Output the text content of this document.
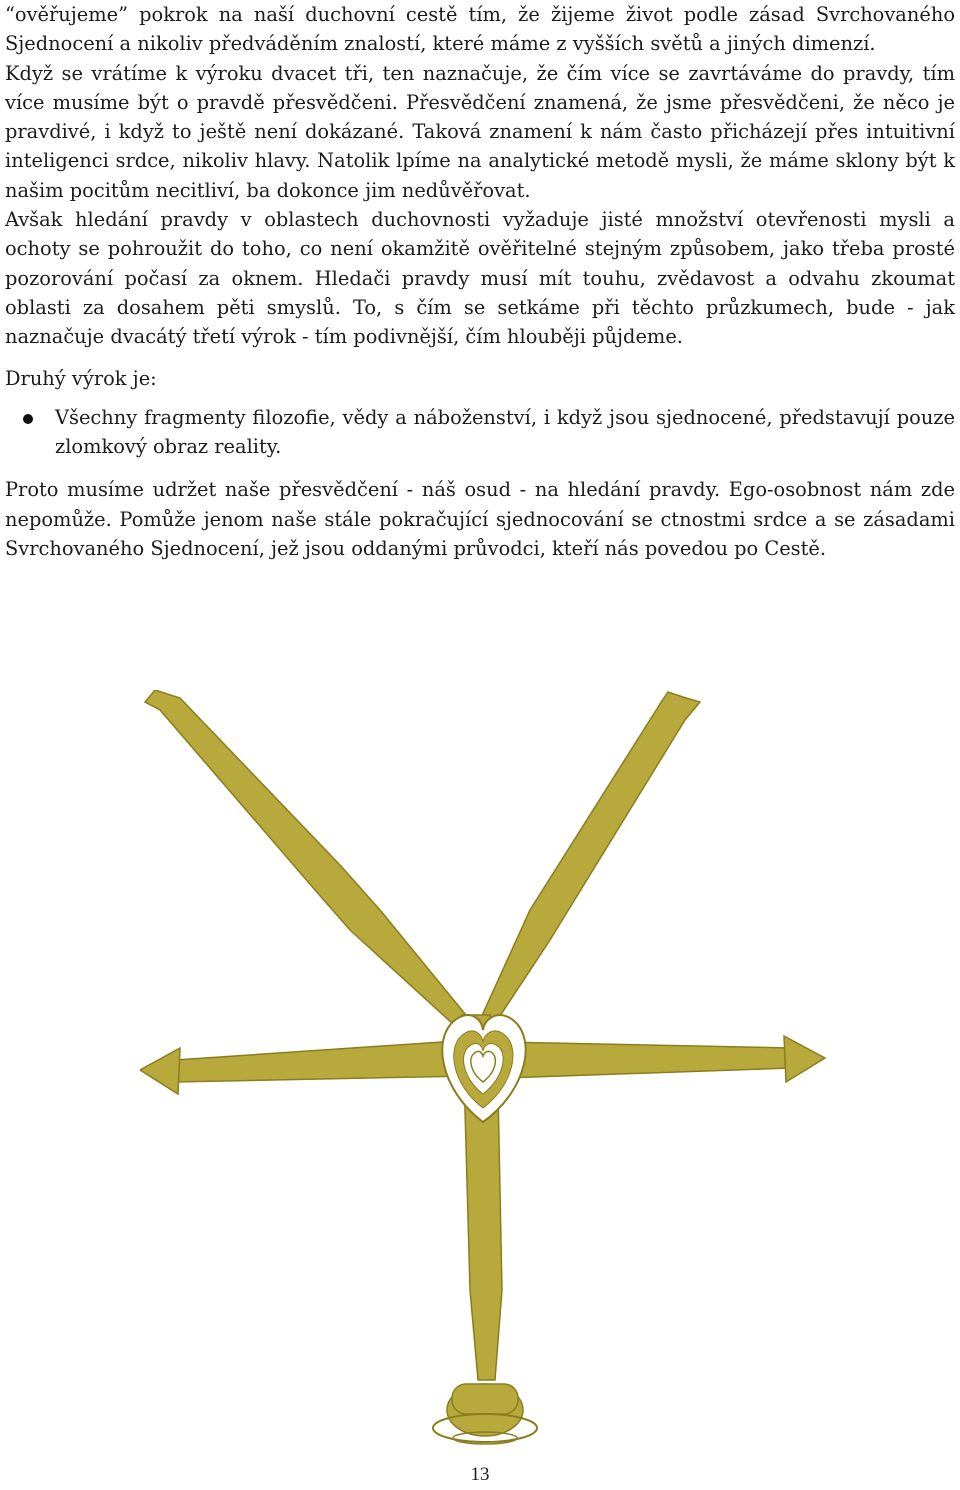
“ověřujeme” pokrok na naší duchovní cestě tím, že žijeme život podle zásad Svrchovaného Sjednocení a nikoliv předváděním znalostí, které máme z vyšších světů a jiných dimenzí.

Když se vrátíme k výroku dvacet tři, ten naznačuje, že čím více se zavrtáváme do pravdy, tím více musíme být o pravdě přesvědčeni. Přesvědčení znamená, že jsme přesvědčeni, že něco je pravdivé, i když to ještě není dokázané. Taková znamení k nám často přicházejí přes intuitivní inteligenci srdce, nikoliv hlavy. Natolik lpíme na analytické metodě mysli, že máme sklony být k našim pocitům necitliví, ba dokonce jim nedůvěřovat.

Avšak hledání pravdy v oblastech duchovnosti vyžaduje jisté množství otevřenosti mysli a ochoty se pohroužit do toho, co není okamžitě ověřitelné stejným způsobem, jako třeba prosté pozorování počasí za oknem. Hledači pravdy musí mít touhu, zvědavost a odvahu zkoumat oblasti za dosahem pěti smyslů. To, s čím se setkáme při těchto průzkumech, bude - jak naznačuje dvacátý třetí výrok - tím podivnější, čím hlouběji půjdeme.

Druhý výrok je:

Všechny fragmenty filozofie, vědy a náboženství, i když jsou sjednocené, představují pouze zlomkový obraz reality.

Proto musíme udržet naše přesvědčení - náš osud - na hledání pravdy. Ego-osobnost nám zde nepomůže. Pomůže jenom naše stále pokračující sjednocování se ctnostmi srdce a se zásadami Svrchovaného Sjednocení, jež jsou oddanými průvodci, kteří nás povedou po Cestě.

13
